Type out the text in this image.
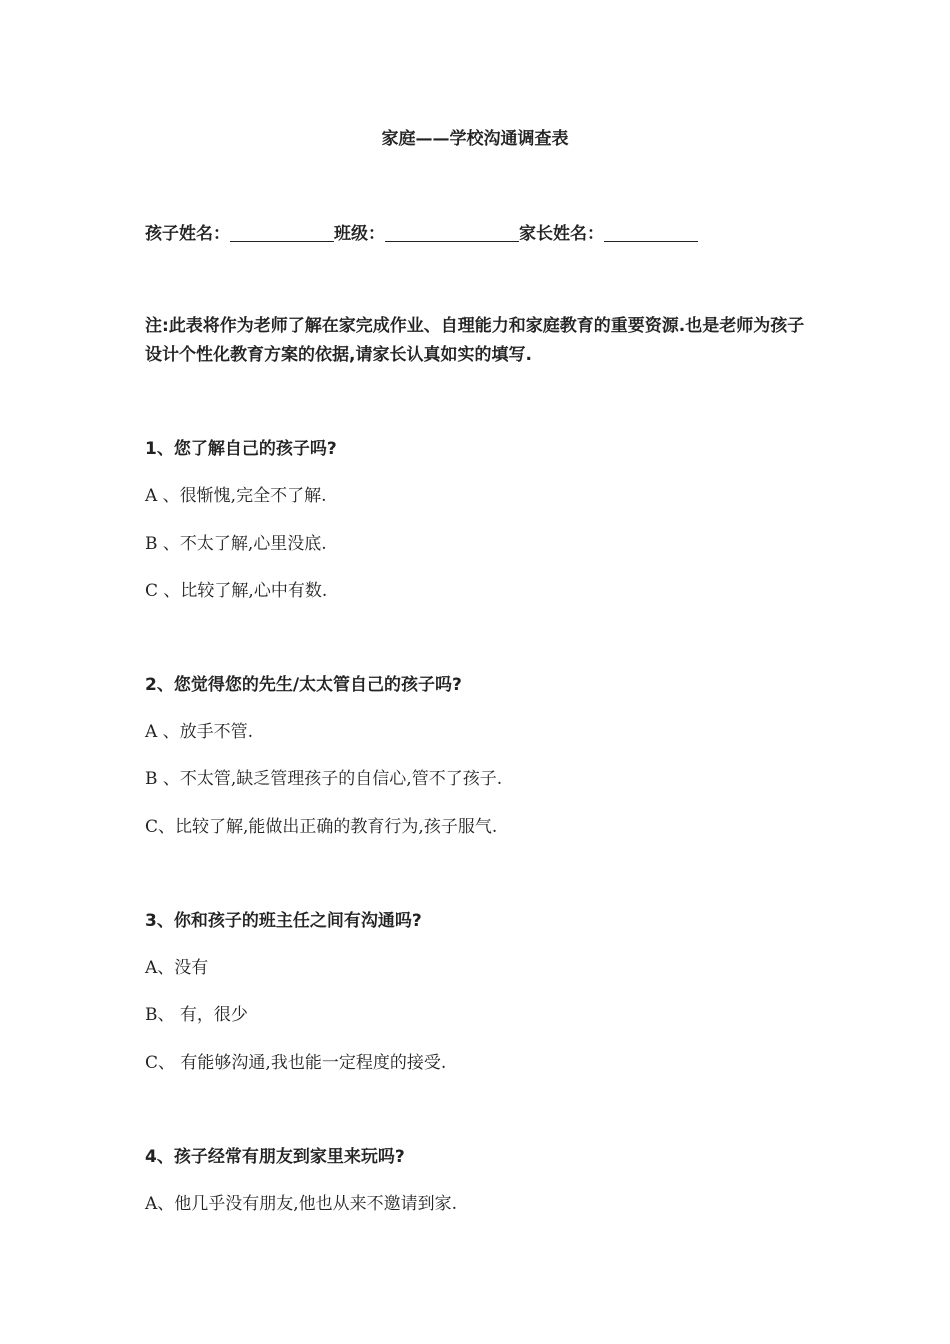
家庭——学校沟通调查表
孩子姓名：	班级：	家长姓名：
注:此表将作为老师了解在家完成作业、自理能力和家庭教育的重要资源.也是老师为孩子设计个性化教育方案的依据,请家长认真如实的填写.
1、您了解自己的孩子吗?
A 、很惭愧,完全不了解.
B 、不太了解,心里没底.
C 、比较了解,心中有数.
2、您觉得您的先生/太太管自己的孩子吗?
A 、放手不管.
B 、不太管,缺乏管理孩子的自信心,管不了孩子.
C、比较了解,能做出正确的教育行为,孩子服气.
3、你和孩子的班主任之间有沟通吗?
A、没有
B、 有，很少
C、 有能够沟通,我也能一定程度的接受.
4、孩子经常有朋友到家里来玩吗?
A、他几乎没有朋友,他也从来不邀请到家.
